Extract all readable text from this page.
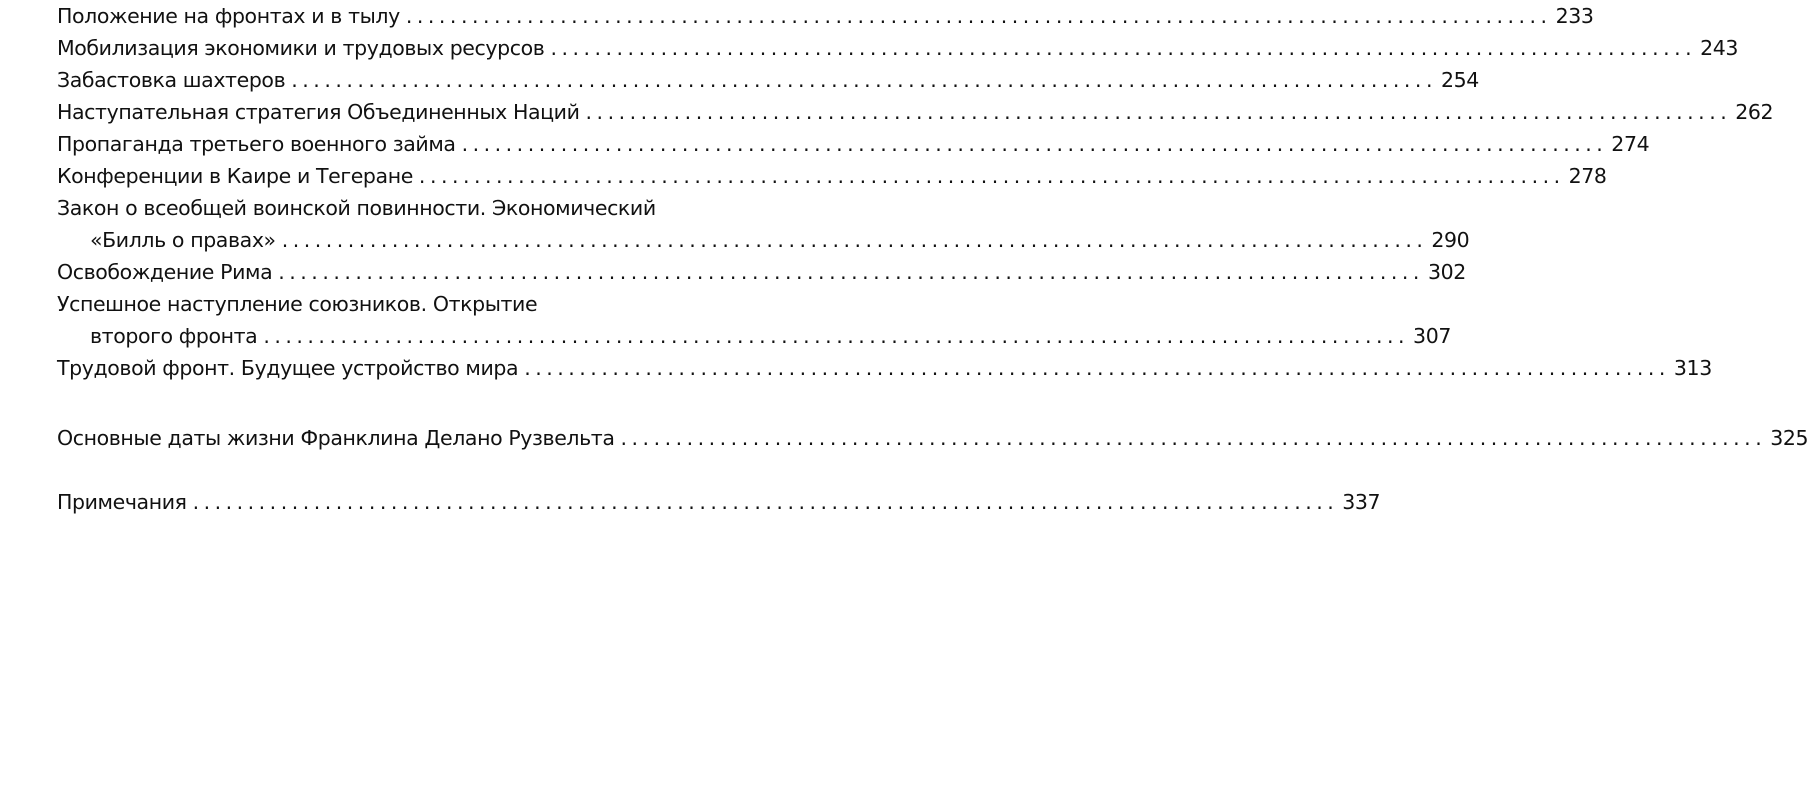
Положение на фронтах и в тылу ........................................................................................................ 233
Мобилизация экономики и трудовых ресурсов ........................................................................................................ 243
Забастовка шахтеров ........................................................................................................ 254
Наступательная стратегия Объединенных Наций ........................................................................................................ 262
Пропаганда третьего военного займа ........................................................................................................ 274
Конференции в Каире и Тегеране ........................................................................................................ 278
Закон о всеобщей воинской повинности. Экономический
«Билль о правах» ........................................................................................................ 290
Освобождение Рима ........................................................................................................ 302
Успешное наступление союзников. Открытие
второго фронта ........................................................................................................ 307
Трудовой фронт. Будущее устройство мира ........................................................................................................ 313
Основные даты жизни Франклина Делано Рузвельта ........................................................................................................ 325
Примечания ........................................................................................................ 337
